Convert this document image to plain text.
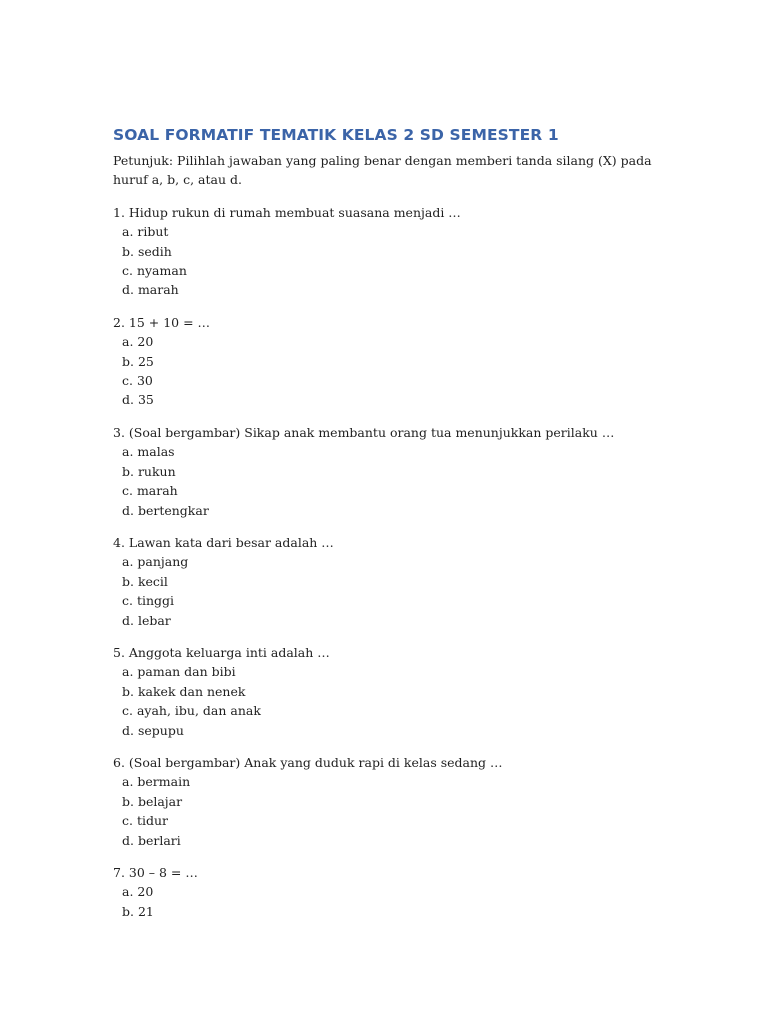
SOAL FORMATIF TEMATIK KELAS 2 SD SEMESTER 1

Petunjuk: Pilihlah jawaban yang paling benar dengan memberi tanda silang (X) pada huruf a, b, c, atau d.

1. Hidup rukun di rumah membuat suasana menjadi …
a. ribut
b. sedih
c. nyaman
d. marah
2. 15 + 10 = …
a. 20
b. 25
c. 30
d. 35
3. (Soal bergambar) Sikap anak membantu orang tua menunjukkan perilaku …
a. malas
b. rukun
c. marah
d. bertengkar
4. Lawan kata dari besar adalah …
a. panjang
b. kecil
c. tinggi
d. lebar
5. Anggota keluarga inti adalah …
a. paman dan bibi
b. kakek dan nenek
c. ayah, ibu, dan anak
d. sepupu
6. (Soal bergambar) Anak yang duduk rapi di kelas sedang …
a. bermain
b. belajar
c. tidur
d. berlari
7. 30 – 8 = …
a. 20
b. 21
